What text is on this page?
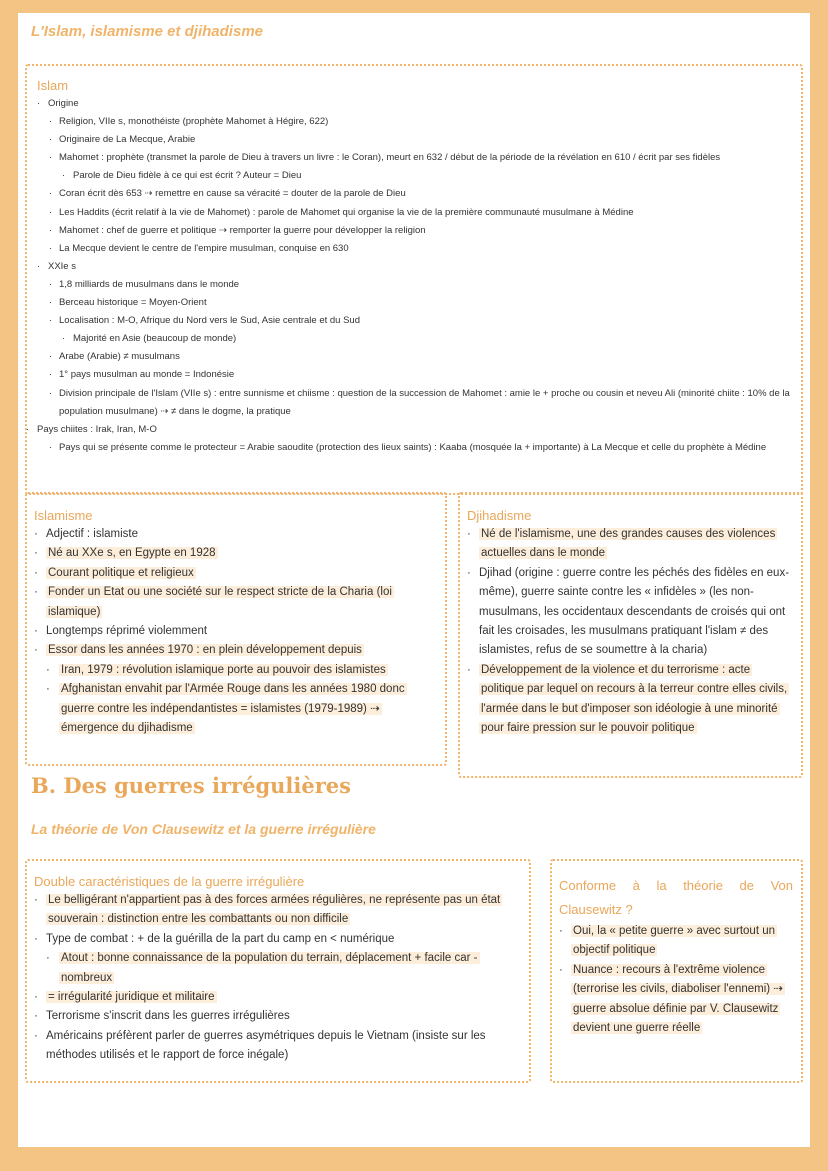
L'Islam, islamisme et djihadisme
Islam
· Origine
· Religion, VIIe s, monothéiste (prophète Mahomet à Hégire, 622)
· Originaire de La Mecque, Arabie
· Mahomet : prophète (transmet la parole de Dieu à travers un livre : le Coran), meurt en 632 / début de la période de la révélation en 610 / écrit par ses fidèles
· Parole de Dieu fidèle à ce qui est écrit ? Auteur = Dieu
· Coran écrit dès 653 ⇢ remettre en cause sa véracité = douter de la parole de Dieu
· Les Haddits (écrit relatif à la vie de Mahomet) : parole de Mahomet qui organise la vie de la première communauté musulmane à Médine
· Mahomet : chef de guerre et politique ⇢ remporter la guerre pour développer la religion
· La Mecque devient le centre de l'empire musulman, conquise en 630
· XXIe s
· 1,8 milliards de musulmans dans le monde
· Berceau historique = Moyen-Orient
· Localisation : M-O, Afrique du Nord vers le Sud, Asie centrale et du Sud
· Majorité en Asie (beaucoup de monde)
· Arabe (Arabie) ≠ musulmans
· 1° pays musulman au monde = Indonésie
· Division principale de l'Islam (VIIe s) : entre sunnisme et chiisme : question de la succession de Mahomet : amie le + proche ou cousin et neveu Ali (minorité chiite : 10% de la population musulmane) ⇢ ≠ dans le dogme, la pratique
· Pays chiites : Irak, Iran, M-O
· Pays qui se présente comme le protecteur = Arabie saoudite (protection des lieux saints) : Kaaba (mosquée la + importante) à La Mecque et celle du prophète à Médine
Islamisme
· Adjectif : islamiste
· Né au XXe s, en Egypte en 1928
· Courant politique et religieux
· Fonder un Etat ou une société sur le respect stricte de la Charia (loi islamique)
· Longtemps réprimé violemment
· Essor dans les années 1970 : en plein développement depuis
· Iran, 1979 : révolution islamique porte au pouvoir des islamistes
· Afghanistan envahit par l'Armée Rouge dans les années 1980 donc guerre contre les indépendantistes = islamistes (1979-1989) ⇢ émergence du djihadisme
Djihadisme
· Né de l'islamisme, une des grandes causes des violences actuelles dans le monde
· Djihad (origine : guerre contre les péchés des fidèles en eux-même), guerre sainte contre les « infidèles » (les non-musulmans, les occidentaux descendants de croisés qui ont fait les croisades, les musulmans pratiquant l'islam ≠ des islamistes, refus de se soumettre à la charia)
· Développement de la violence et du terrorisme : acte politique par lequel on recours à la terreur contre elles civils, l'armée dans le but d'imposer son idéologie à une minorité pour faire pression sur le pouvoir politique
B. Des guerres irrégulières
La théorie de Von Clausewitz et la guerre irrégulière
Double caractéristiques de la guerre irrégulière
· Le belligérant n'appartient pas à des forces armées régulières, ne représente pas un état souverain : distinction entre les combattants ou non difficile
· Type de combat : + de la guérilla de la part du camp en < numérique
· Atout : bonne connaissance de la population du terrain, déplacement + facile car - nombreux
· = irrégularité juridique et militaire
· Terrorisme s'inscrit dans les guerres irrégulières
· Américains préfèrent parler de guerres asymétriques depuis le Vietnam (insiste sur les méthodes utilisés et le rapport de force inégale)
Conforme à la théorie de Von Clausewitz ?
· Oui, la « petite guerre » avec surtout un objectif politique
· Nuance : recours à l'extrême violence (terrorise les civils, diaboliser l'ennemi) ⇢ guerre absolue définie par V. Clausewitz devient une guerre réelle
